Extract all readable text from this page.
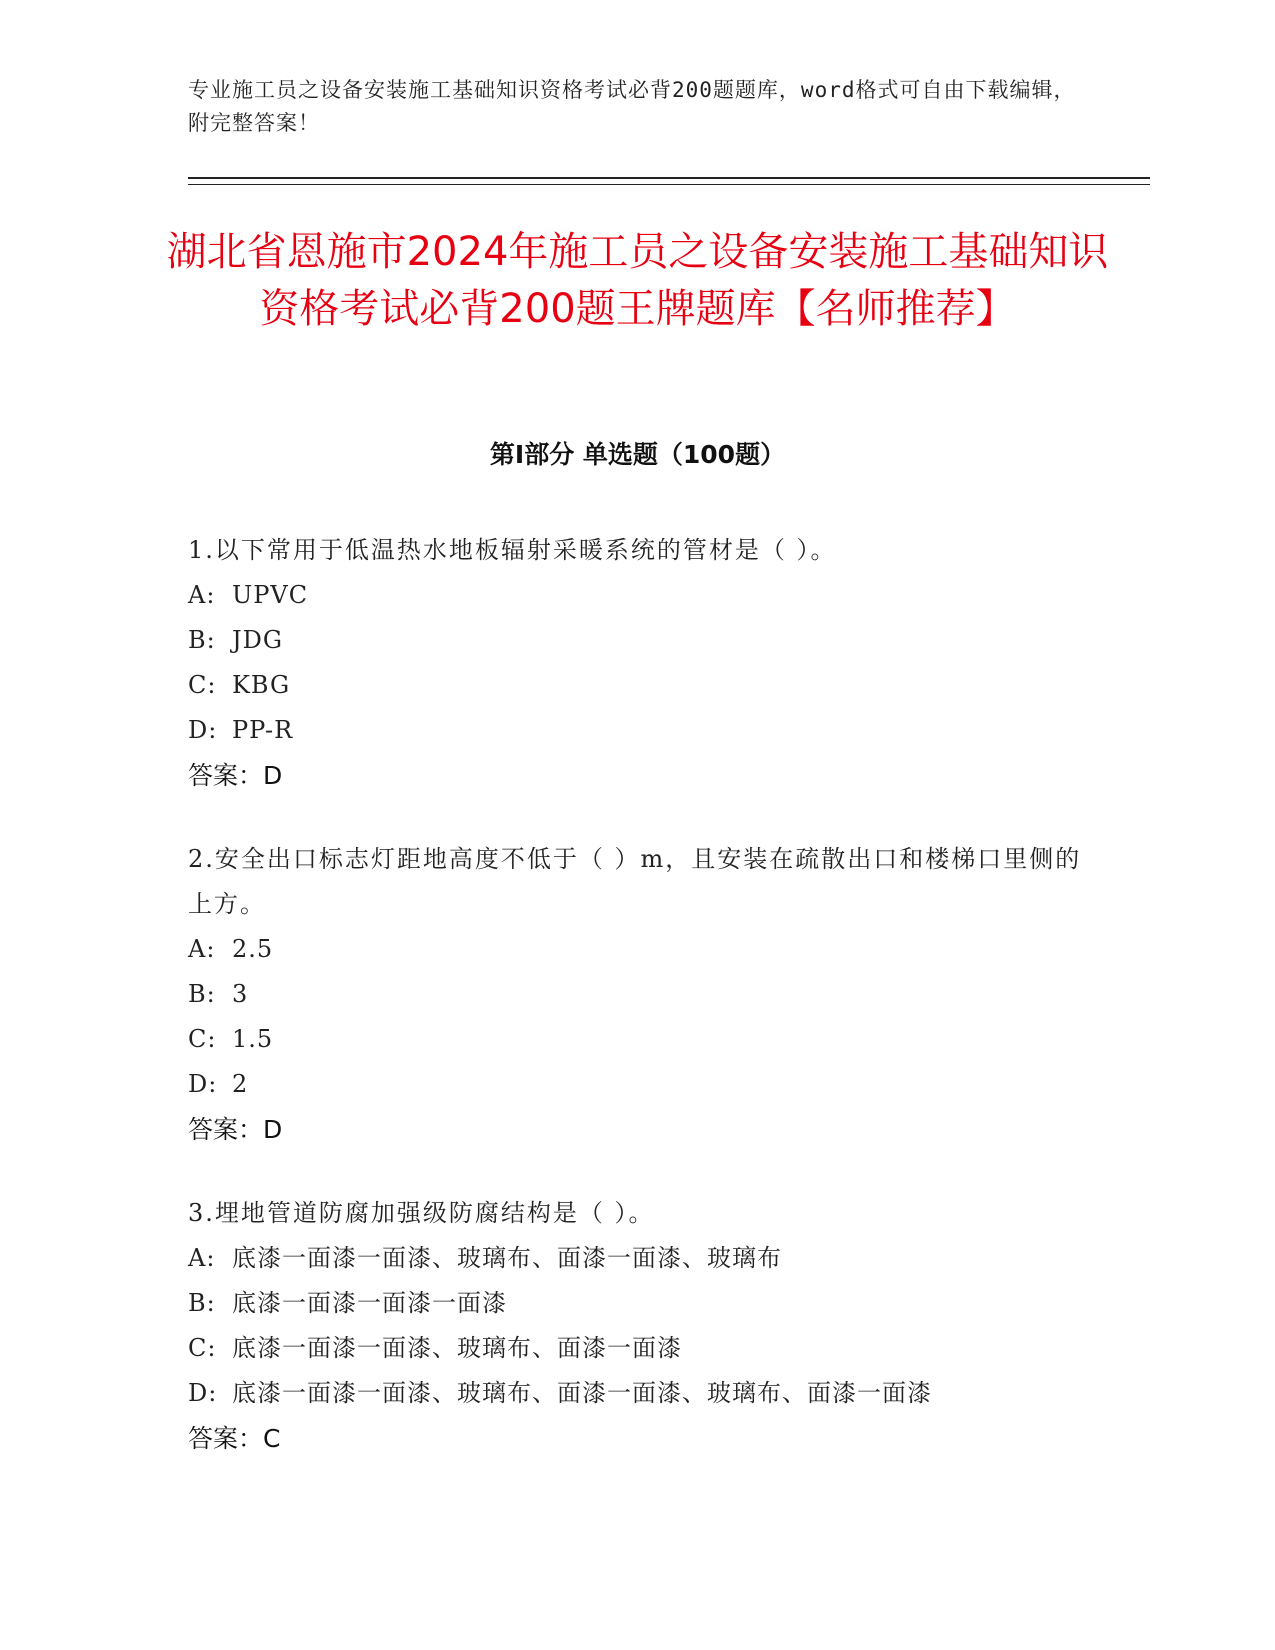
专业施工员之设备安装施工基础知识资格考试必背200题题库，word格式可自由下载编辑，附完整答案！
湖北省恩施市2024年施工员之设备安装施工基础知识资格考试必背200题王牌题库【名师推荐】
第I部分 单选题（100题）
1.以下常用于低温热水地板辐射采暖系统的管材是（ ）。
A: UPVC
B: JDG
C: KBG
D: PP-R
答案：D
2.安全出口标志灯距地高度不低于（ ）m，且安装在疏散出口和楼梯口里侧的上方。
A: 2.5
B: 3
C: 1.5
D: 2
答案：D
3.埋地管道防腐加强级防腐结构是（ ）。
A: 底漆一面漆一面漆、玻璃布、面漆一面漆、玻璃布
B: 底漆一面漆一面漆一面漆
C: 底漆一面漆一面漆、玻璃布、面漆一面漆
D: 底漆一面漆一面漆、玻璃布、面漆一面漆、玻璃布、面漆一面漆
答案：C
